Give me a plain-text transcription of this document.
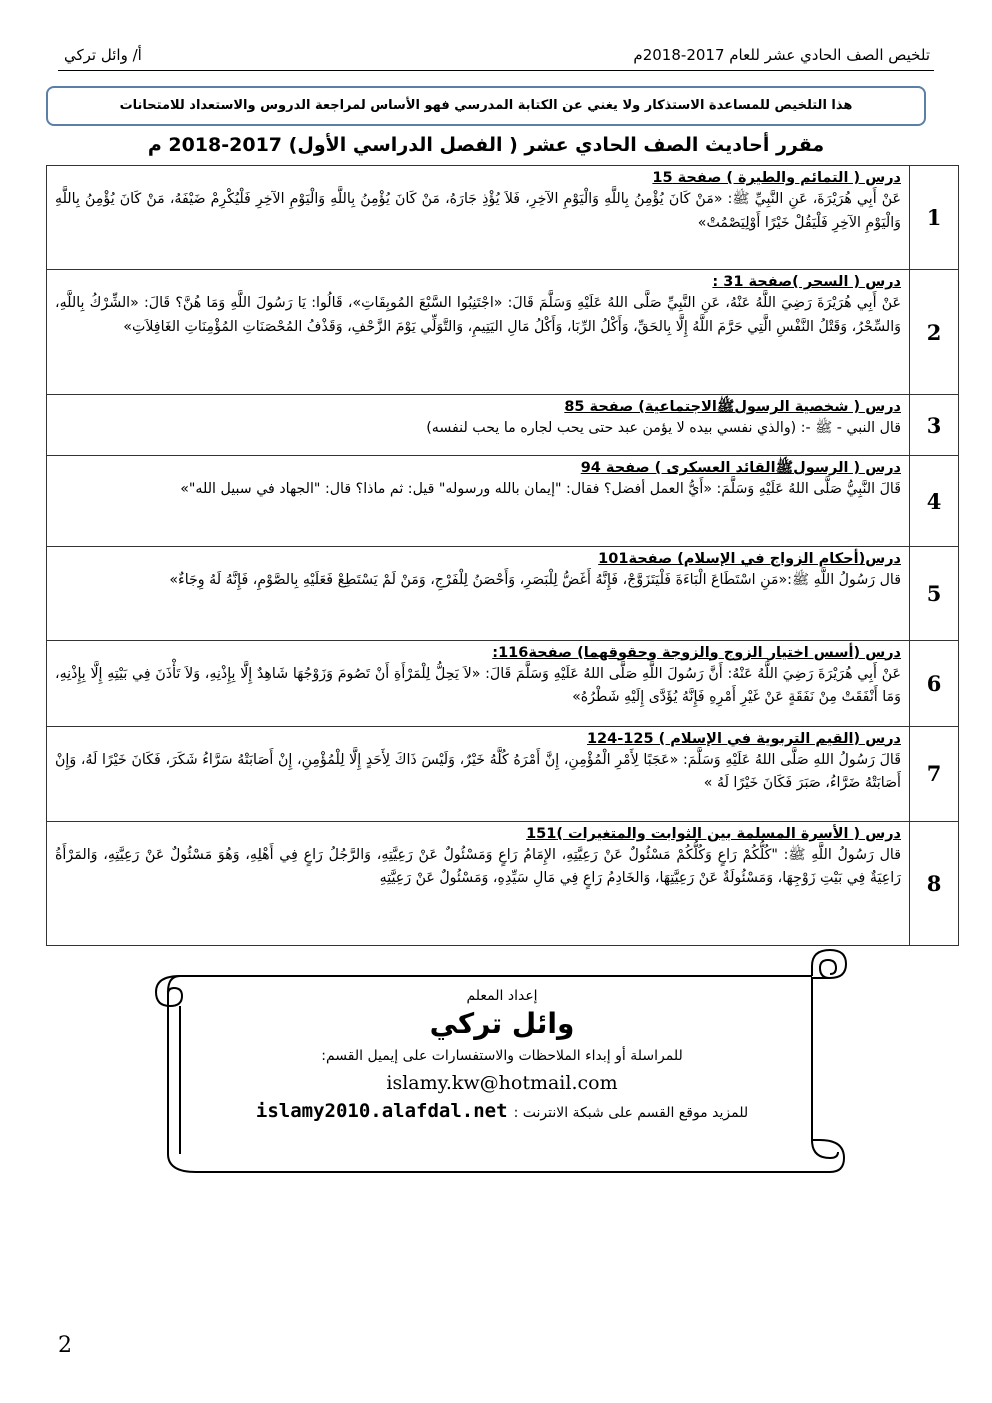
تلخيص الصف الحادي عشر للعام 2017-2018م
أ/ وائل تركي
هذا التلخيص للمساعدة الاستذكار ولا يغني عن الكتابة المدرسي فهو الأساس لمراجعة الدروس والاستعداد للامتحانات
مقرر أحاديث الصف الحادي عشر ( الفصل الدراسي الأول) 2017-2018 م
1	درس ( التمائم والطيرة ) صفحة 15
عَنْ أَبِي هُرَيْرَةَ، عَنِ النَّبِيِّ ﷺ: «مَنْ كَانَ يُؤْمِنُ بِاللَّهِ وَالْيَوْمِ الآخِرِ، فَلاَ يُؤْذِ جَارَهُ، مَنْ كَانَ يُؤْمِنُ بِاللَّهِ وَالْيَوْمِ الآخِرِ فَلْيُكْرِمْ ضَيْفَهُ، مَنْ كَانَ يُؤْمِنُ بِاللَّهِ وَالْيَوْمِ الآخِرِ فَلْيَقُلْ خَيْرًا أَوْلِيَصْمُتْ»

2	درس ( السحر )صفحة 31 :
عَنْ أَبِي هُرَيْرَةَ رَضِيَ اللَّهُ عَنْهُ، عَنِ النَّبِيِّ صَلَّى اللهُ عَلَيْهِ وَسَلَّمَ قَالَ: «اجْتَنِبُوا السَّبْعَ المُوبِقَاتِ»، قَالُوا: يَا رَسُولَ اللَّهِ وَمَا هُنَّ؟ قَالَ: «الشِّرْكُ بِاللَّهِ، وَالسِّحْرُ، وَقَتْلُ النَّفْسِ الَّتِي حَرَّمَ اللَّهُ إِلَّا بِالحَقِّ، وَأَكْلُ الرِّبَا، وَأَكْلُ مَالِ اليَتِيمِ، وَالتَّوَلِّي يَوْمَ الزَّحْفِ، وَقَذْفُ المُحْصَنَاتِ المُؤْمِنَاتِ الغَافِلاَتِ»

3	درس ( شخصية الرسولﷺالاجتماعية) صفحة 85
قال النبي - ﷺ -: (والذي نفسي بيده لا يؤمن عبد حتى يحب لجاره ما يحب لنفسه)

4	درس ( الرسولﷺالقائد العسكرى ) صفحة 94
قَالَ النَّبِيُّ صَلَّى اللهُ عَلَيْهِ وَسَلَّمَ: «أَيُّ العمل أفضل؟ فقال: "إيمان بالله ورسوله" قيل: ثم ماذا؟ قال: "الجهاد في سبيل الله"»

5	درس(أحكام الزواج في الإسلام) صفحة101
قال رَسُولُ اللَّهِ ﷺ:«مَنِ اسْتَطَاعَ الْبَاءَةَ فَلْيَتَزَوَّجْ، فَإِنَّهُ أَغَضُّ لِلْبَصَرِ، وَأَحْصَنُ لِلْفَرْجِ، وَمَنْ لَمْ يَسْتَطِعْ فَعَلَيْهِ بِالصَّوْمِ، فَإِنَّهُ لَهُ وِجَاءٌ»

6	درس (أسس اختيار الزوج والزوجة وحقوقهما) صفحة116:
عَنْ أَبِي هُرَيْرَةَ رَضِيَ اللَّهُ عَنْهُ: أَنَّ رَسُولَ اللَّهِ صَلَّى اللهُ عَلَيْهِ وَسَلَّمَ قَالَ: «لاَ يَحِلُّ لِلْمَرْأَةِ أَنْ تَصُومَ وَزَوْجُهَا شَاهِدٌ إِلَّا بِإِذْنِهِ، وَلاَ تَأْذَنَ فِي بَيْتِهِ إِلَّا بِإِذْنِهِ، وَمَا أَنْفَقَتْ مِنْ نَفَقَةٍ عَنْ غَيْرِ أَمْرِهِ فَإِنَّهُ يُؤَدَّى إِلَيْهِ شَطْرُهُ»

7	درس (القيم التربوية في الإسلام ) 125-124
قَالَ رَسُولُ اللهِ صَلَّى اللهُ عَلَيْهِ وَسَلَّمَ: «عَجَبًا لِأَمْرِ الْمُؤْمِنِ، إِنَّ أَمْرَهُ كُلَّهُ خَيْرٌ، وَلَيْسَ ذَاكَ لِأَحَدٍ إِلَّا لِلْمُؤْمِنِ، إِنْ أَصَابَتْهُ سَرَّاءُ شَكَرَ، فَكَانَ خَيْرًا لَهُ، وَإِنْ أَصَابَتْهُ ضَرَّاءُ، صَبَرَ فَكَانَ خَيْرًا لَهُ »

8	درس ( الأسرة المسلمة بين الثوابت والمتغيرات )151
قال رَسُولُ اللَّهِ ﷺ: "كُلُّكُمْ رَاعٍ وَكُلُّكُمْ مَسْئُولٌ عَنْ رَعِيَّتِهِ، الإِمَامُ رَاعٍ وَمَسْئُولٌ عَنْ رَعِيَّتِهِ، وَالرَّجُلُ رَاعٍ فِي أَهْلِهِ، وَهُوَ مَسْئُولٌ عَنْ رَعِيَّتِهِ، وَالمَرْأَةُ رَاعِيَةٌ فِي بَيْتِ زَوْجِهَا، وَمَسْئُولَةٌ عَنْ رَعِيَّتِهَا، وَالخَادِمُ رَاعٍ فِي مَالِ سَيِّدِهِ، وَمَسْئُولٌ عَنْ رَعِيَّتِهِ
إعداد المعلم
وائل تركي
للمراسلة أو إبداء الملاحظات والاستفسارات على إيميل القسم:
islamy.kw@hotmail.com
للمزيد موقع القسم على شبكة الانترنت :
islamy2010.alafdal.net
2
